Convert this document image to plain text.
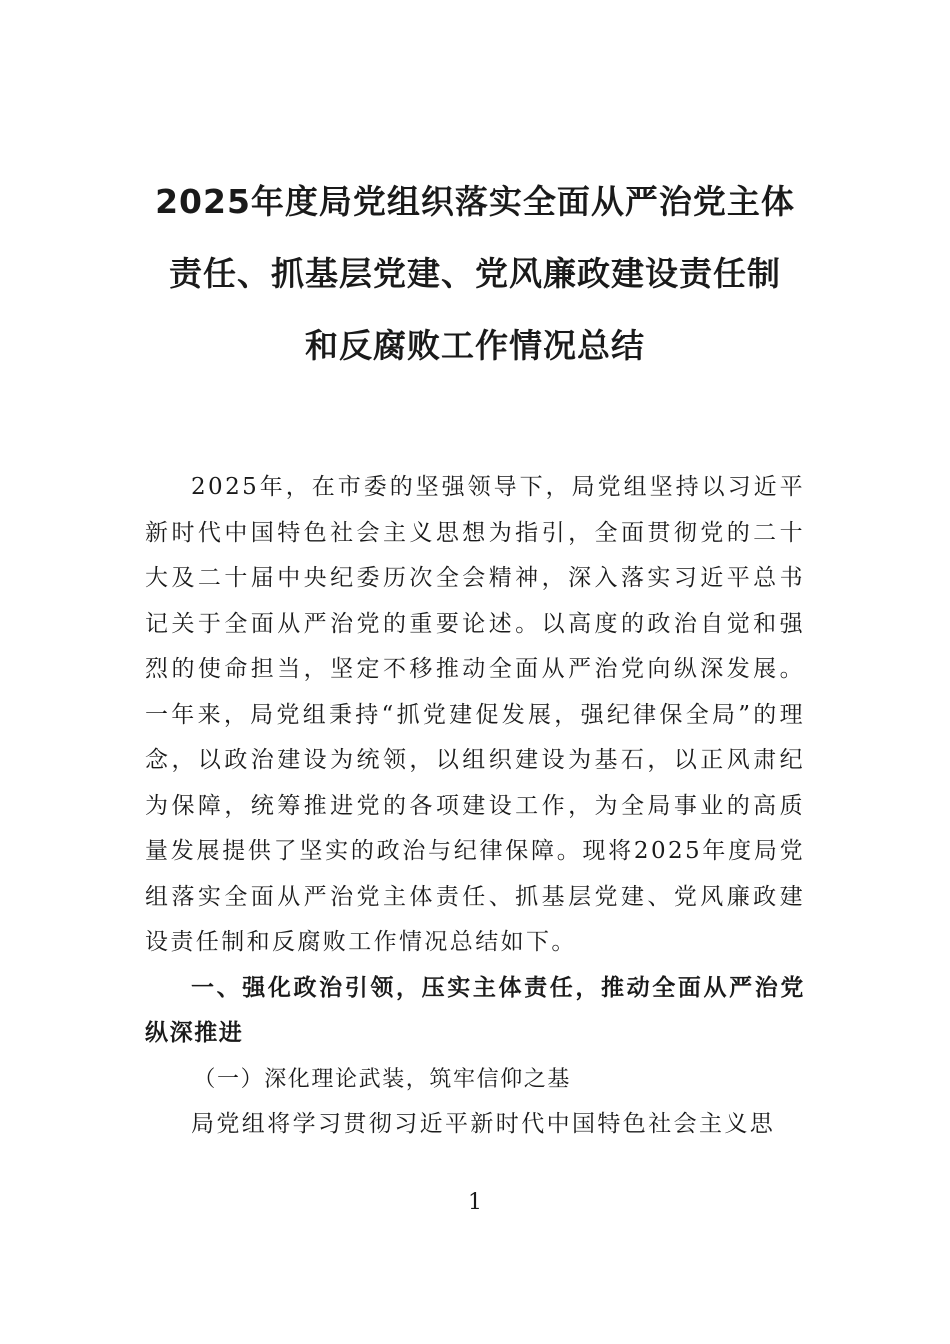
2025年度局党组织落实全面从严治党主体
责任、抓基层党建、党风廉政建设责任制
和反腐败工作情况总结

2025年，在市委的坚强领导下，局党组坚持以习近平新时代中国特色社会主义思想为指引，全面贯彻党的二十大及二十届中央纪委历次全会精神，深入落实习近平总书记关于全面从严治党的重要论述。以高度的政治自觉和强烈的使命担当，坚定不移推动全面从严治党向纵深发展。一年来，局党组秉持“抓党建促发展，强纪律保全局”的理念，以政治建设为统领，以组织建设为基石，以正风肃纪为保障，统筹推进党的各项建设工作，为全局事业的高质量发展提供了坚实的政治与纪律保障。现将2025年度局党组落实全面从严治党主体责任、抓基层党建、党风廉政建设责任制和反腐败工作情况总结如下。

一、强化政治引领，压实主体责任，推动全面从严治党纵深推进

（一）深化理论武装，筑牢信仰之基

局党组将学习贯彻习近平新时代中国特色社会主义思

1
